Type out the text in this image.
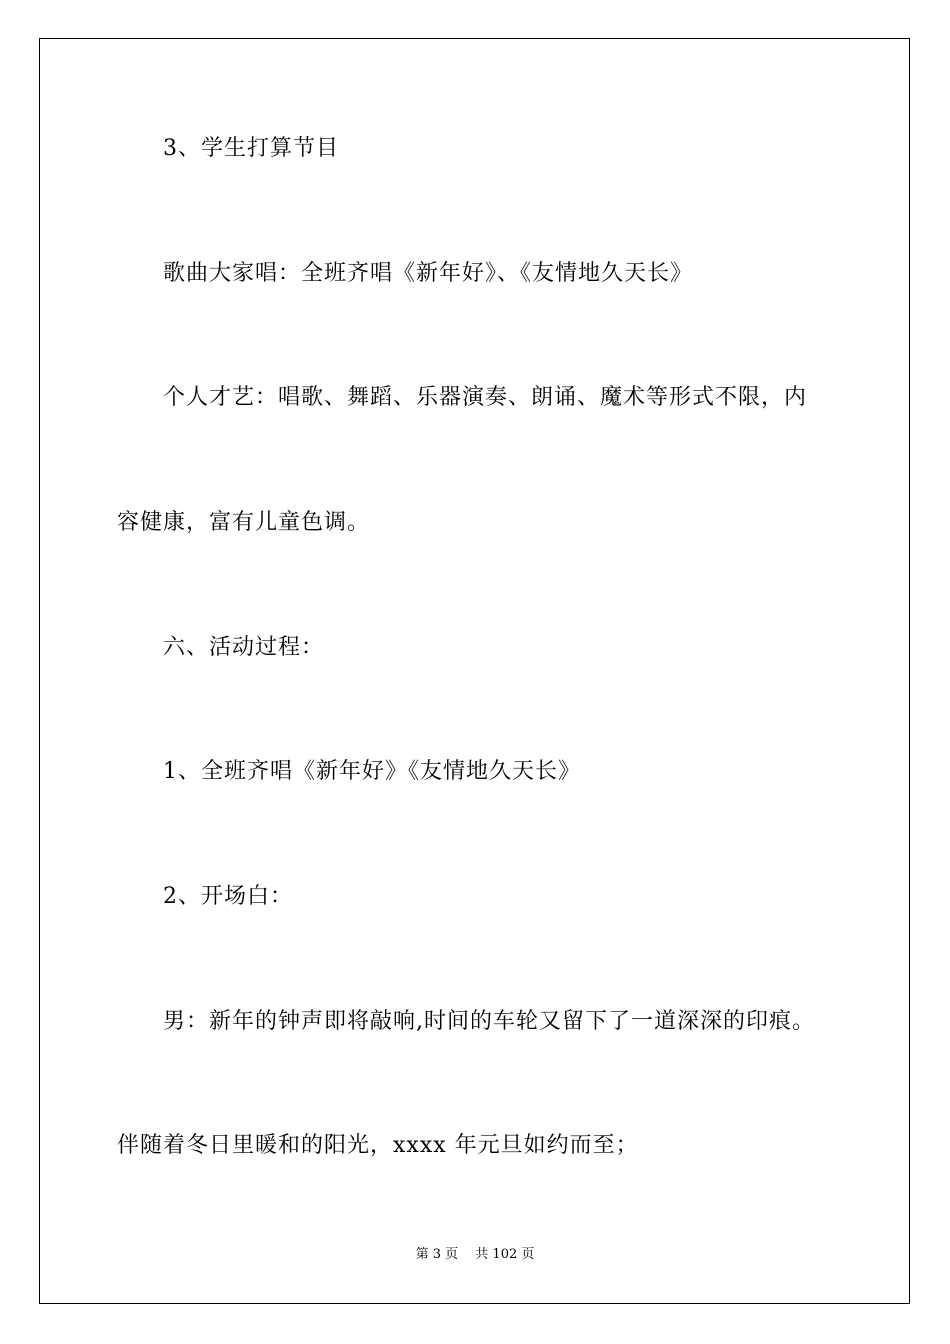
3、学生打算节目
歌曲大家唱：全班齐唱《新年好》、《友情地久天长》
个人才艺：唱歌、舞蹈、乐器演奏、朗诵、魔术等形式不限，内
容健康，富有儿童色调。
六、活动过程：
1、全班齐唱《新年好》《友情地久天长》
2、开场白：
男：新年的钟声即将敲响,时间的车轮又留下了一道深深的印痕。
伴随着冬日里暖和的阳光，xxxx 年元旦如约而至；
第 3 页　 共 102 页
